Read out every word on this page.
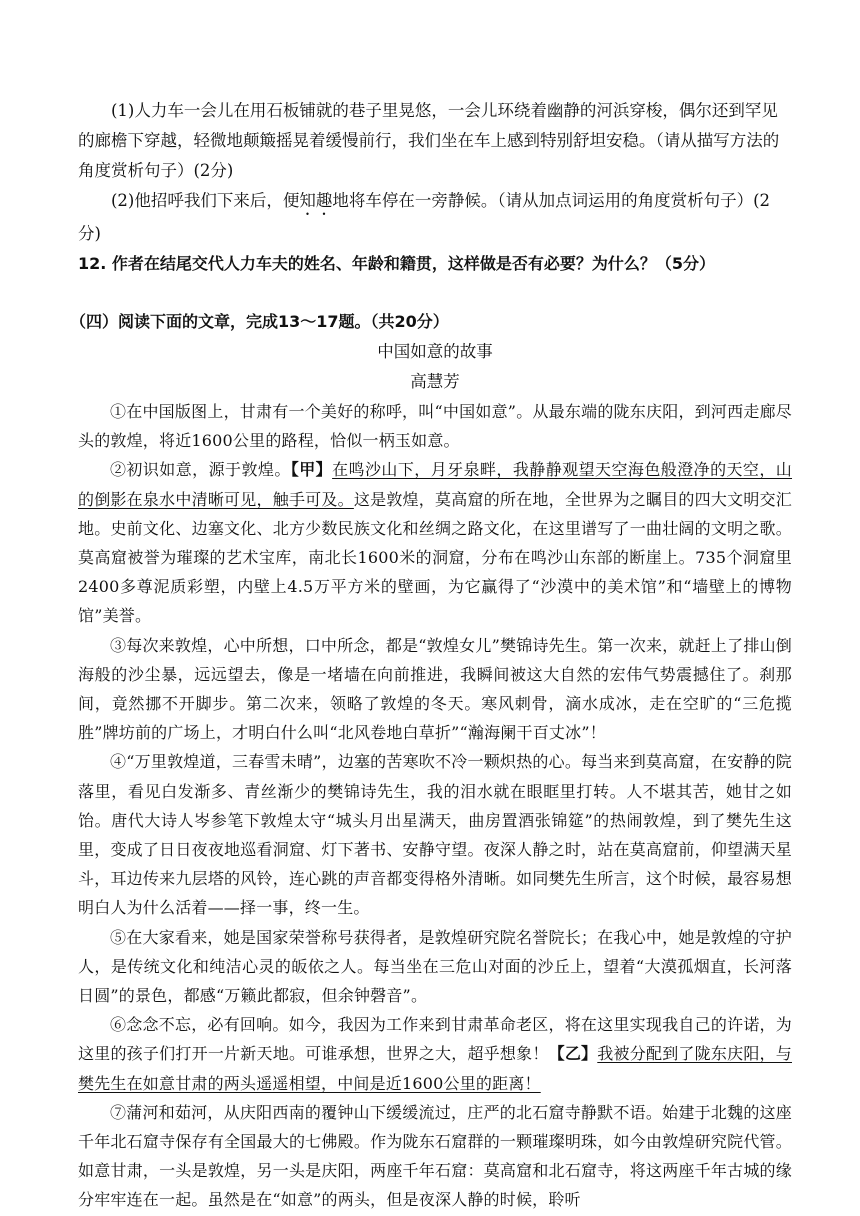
(1)人力车一会儿在用石板铺就的巷子里晃悠，一会儿环绕着幽静的河浜穿梭，偶尔还到罕见的廊檐下穿越，轻微地颠簸摇晃着缓慢前行，我们坐在车上感到特别舒坦安稳。（请从描写方法的角度赏析句子）(2分)

(2)他招呼我们下来后，便知趣地将车停在一旁静候。（请从加点词运用的角度赏析句子）(2分)

12. 作者在结尾交代人力车夫的姓名、年龄和籍贯，这样做是否有必要？为什么？（5分）

（四）阅读下面的文章，完成13～17题。（共20分）

中国如意的故事

高慧芳

①在中国版图上，甘肃有一个美好的称呼，叫“中国如意”。从最东端的陇东庆阳，到河西走廊尽头的敦煌，将近1600公里的路程，恰似一柄玉如意。

②初识如意，源于敦煌。【甲】在鸣沙山下，月牙泉畔，我静静观望天空海色般澄净的天空，山的倒影在泉水中清晰可见，触手可及。这是敦煌，莫高窟的所在地，全世界为之瞩目的四大文明交汇地。史前文化、边塞文化、北方少数民族文化和丝绸之路文化，在这里谱写了一曲壮阔的文明之歌。莫高窟被誉为璀璨的艺术宝库，南北长1600米的洞窟，分布在鸣沙山东部的断崖上。735个洞窟里2400多尊泥质彩塑，内壁上4.5万平方米的壁画，为它赢得了“沙漠中的美术馆”和“墙壁上的博物馆”美誉。

③每次来敦煌，心中所想，口中所念，都是“敦煌女儿”樊锦诗先生。第一次来，就赶上了排山倒海般的沙尘暴，远远望去，像是一堵墙在向前推进，我瞬间被这大自然的宏伟气势震撼住了。刹那间，竟然挪不开脚步。第二次来，领略了敦煌的冬天。寒风刺骨，滴水成冰，走在空旷的“三危揽胜”牌坊前的广场上，才明白什么叫“北风卷地白草折”“瀚海阑干百丈冰”！

④“万里敦煌道，三春雪未晴”，边塞的苦寒吹不冷一颗炽热的心。每当来到莫高窟，在安静的院落里，看见白发渐多、青丝渐少的樊锦诗先生，我的泪水就在眼眶里打转。人不堪其苦，她甘之如饴。唐代大诗人岑参笔下敦煌太守“城头月出星满天，曲房置酒张锦筵”的热闹敦煌，到了樊先生这里，变成了日日夜夜地巡看洞窟、灯下著书、安静守望。夜深人静之时，站在莫高窟前，仰望满天星斗，耳边传来九层塔的风铃，连心跳的声音都变得格外清晰。如同樊先生所言，这个时候，最容易想明白人为什么活着——择一事，终一生。

⑤在大家看来，她是国家荣誉称号获得者，是敦煌研究院名誉院长；在我心中，她是敦煌的守护人，是传统文化和纯洁心灵的皈依之人。每当坐在三危山对面的沙丘上，望着“大漠孤烟直，长河落日圆”的景色，都感“万籁此都寂，但余钟磬音”。

⑥念念不忘，必有回响。如今，我因为工作来到甘肃革命老区，将在这里实现我自己的许诺，为这里的孩子们打开一片新天地。可谁承想，世界之大，超乎想象！【乙】我被分配到了陇东庆阳，与樊先生在如意甘肃的两头遥遥相望，中间是近1600公里的距离！

⑦蒲河和茹河，从庆阳西南的覆钟山下缓缓流过，庄严的北石窟寺静默不语。始建于北魏的这座千年北石窟寺保存有全国最大的七佛殿。作为陇东石窟群的一颗璀璨明珠，如今由敦煌研究院代管。如意甘肃，一头是敦煌，另一头是庆阳，两座千年石窟：莫高窟和北石窟寺，将这两座千年古城的缘分牢牢连在一起。虽然是在“如意”的两头，但是夜深人静的时候，聆听
